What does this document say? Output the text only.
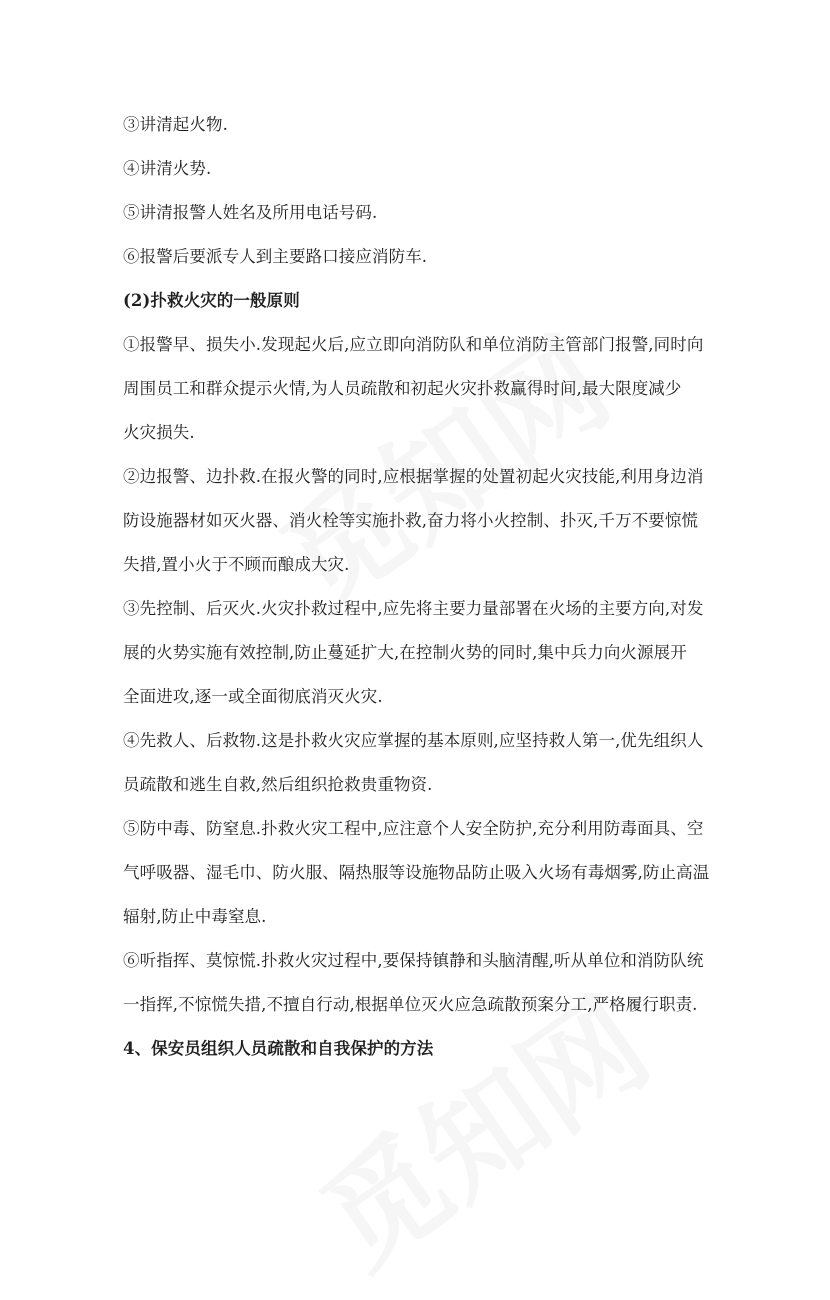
③讲清起火物.
④讲清火势.
⑤讲清报警人姓名及所用电话号码.
⑥报警后要派专人到主要路口接应消防车.
(2)扑救火灾的一般原则
①报警早、损失小.发现起火后,应立即向消防队和单位消防主管部门报警,同时向
周围员工和群众提示火情,为人员疏散和初起火灾扑救赢得时间,最大限度减少
火灾损失.
②边报警、边扑救.在报火警的同时,应根据掌握的处置初起火灾技能,利用身边消
防设施器材如灭火器、消火栓等实施扑救,奋力将小火控制、扑灭,千万不要惊慌
失措,置小火于不顾而酿成大灾.
③先控制、后灭火.火灾扑救过程中,应先将主要力量部署在火场的主要方向,对发
展的火势实施有效控制,防止蔓延扩大,在控制火势的同时,集中兵力向火源展开
全面进攻,逐一或全面彻底消灭火灾.
④先救人、后救物.这是扑救火灾应掌握的基本原则,应坚持救人第一,优先组织人
员疏散和逃生自救,然后组织抢救贵重物资.
⑤防中毒、防窒息.扑救火灾工程中,应注意个人安全防护,充分利用防毒面具、空
气呼吸器、湿毛巾、防火服、隔热服等设施物品防止吸入火场有毒烟雾,防止高温
辐射,防止中毒窒息.
⑥听指挥、莫惊慌.扑救火灾过程中,要保持镇静和头脑清醒,听从单位和消防队统
一指挥,不惊慌失措,不擅自行动,根据单位灭火应急疏散预案分工,严格履行职责.
4、保安员组织人员疏散和自我保护的方法
